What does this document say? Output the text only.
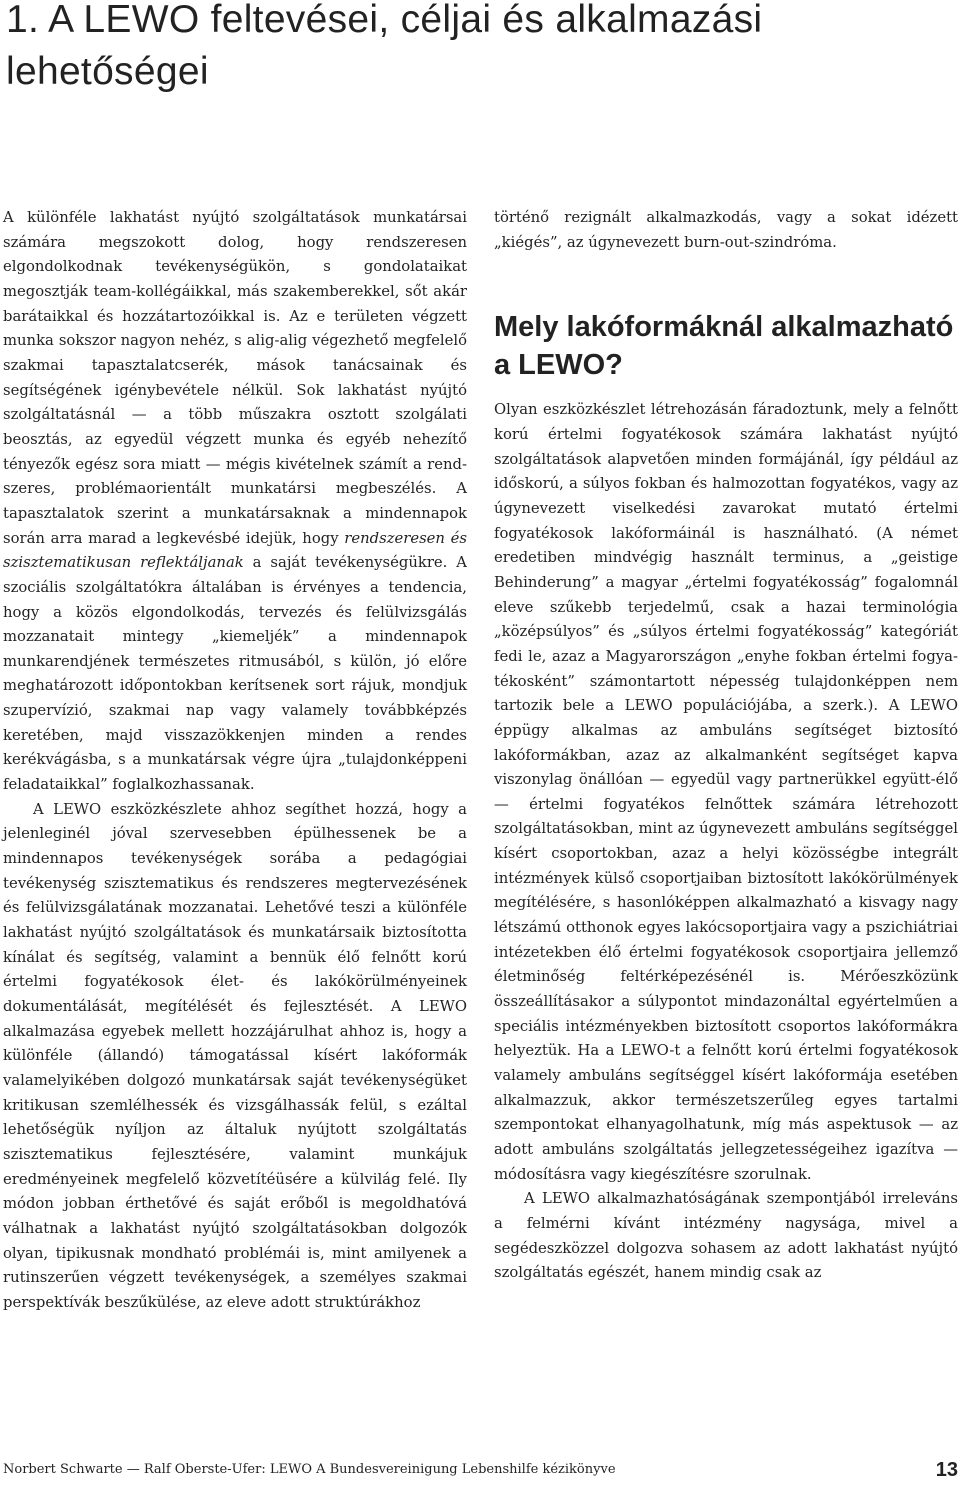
1. A LEWO feltevései, céljai és alkalmazási lehetőségei

A különféle lakhatást nyújtó szolgáltatások munkatársai számára megszokott dolog, hogy rendszeresen elgondolkodnak tevékenységükön, s gondolataikat megosztják team-kollégáikkal, más szakemberekkel, sőt akár barátaikkal és hozzátartozóikkal is. Az e területen végzett munka sokszor nagyon nehéz, s alig-alig végezhető megfelelő szakmai tapasztalatcserék, mások tanácsainak és segítségének igénybevétele nélkül. Sok lakhatást nyújtó szolgáltatásnál — a több műszakra osztott szolgálati beosztás, az egyedül végzett munka és egyéb nehezítő tényezők egész sora miatt — mégis kivételnek számít a rendszeres, problémaorientált munkatársi megbeszélés. A tapasztalatok szerint a munkatársaknak a mindennapok során arra marad a legkevésbé idejük, hogy rendszeresen és szisztematikusan reflektáljanak a saját tevékenységükre. A szociális szolgáltatókra általában is érvényes a tendencia, hogy a közös elgondolkodás, tervezés és felülvizsgálás mozzanatait mintegy „kiemeljék” a mindennapok munkarendjének természetes ritmusából, s külön, jó előre meghatározott időpontokban kerítsenek sort rájuk, mondjuk szupervízió, szakmai nap vagy valamely továbbképzés keretében, majd visszazökkenjen minden a rendes kerékvágásba, s a munkatársak végre újra „tulajdonképpeni feladataikkal” foglalkozhassanak.

A LEWO eszközkészlete ahhoz segíthet hozzá, hogy a jelenleginél jóval szervesebben épülhessenek be a mindennapos tevékenységek sorába a pedagógiai tevékenység szisztematikus és rendszeres megtervezésének és felülvizsgálatának mozzanatai. Lehetővé teszi a különféle lakhatást nyújtó szolgáltatások és munkatársaik biztosította kínálat és segítség, valamint a bennük élő felnőtt korú értelmi fogyatékosok élet- és lakókörülményeinek dokumentálását, megítélését és fejlesztését. A LEWO alkalmazása egyebek mellett hozzájárulhat ahhoz is, hogy a különféle (állandó) támogatással kísért lakóformák valamelyikében dolgozó munkatársak saját tevékenységüket kritikusan szemlélhessék és vizsgálhassák felül, s ezáltal lehetőségük nyíljon az általuk nyújtott szolgáltatás szisztematikus fejlesztésére, valamint munkájuk eredményeinek megfelelő közvetítéüsére a külvilág felé. Ily módon jobban érthetővé és saját erőből is megoldhatóvá válhatnak a lakhatást nyújtó szolgáltatásokban dolgozók olyan, tipikusnak mondható problémái is, mint amilyenek a rutinszerűen végzett tevékenységek, a személyes szakmai perspektívák beszűkülése, az eleve adott struktúrákhoz

történő rezignált alkalmazkodás, vagy a sokat idézett „kiégés”, az úgynevezett burn-out-szindróma.

Mely lakóformáknál alkalmazható a LEWO?

Olyan eszközkészlet létrehozásán fáradoztunk, mely a felnőtt korú értelmi fogyatékosok számára lakhatást nyújtó szolgáltatások alapvetően minden formájánál, így például az időskorú, a súlyos fokban és halmozottan fogyatékos, vagy az úgynevezett viselkedési zavarokat mutató értelmi fogyatékosok lakóformáinál is használható. (A német eredetiben mindvégig használt terminus, a „geistige Behinderung” a magyar „értelmi fogyatékosság” fogalomnál eleve szűkebb terjedelmű, csak a hazai terminológia „középsúlyos” és „súlyos értelmi fogyatékosság” kategóriát fedi le, azaz a Magyarországon „enyhe fokban értelmi fogyatékosként” számontartott népesség tulajdonképpen nem tartozik bele a LEWO populációjába, a szerk.). A LEWO éppügy alkalmas az ambuláns segítséget biztosító lakóformákban, azaz az alkalmanként segítséget kapva viszonylag önállóan — egyedül vagy partnerükkel együtt-élő — értelmi fogyatékos felnőttek számára létrehozott szolgáltatásokban, mint az úgynevezett ambuláns segítséggel kísért csoportokban, azaz a helyi közösségbe integrált intézmények külső csoportjaiban biztosított lakókörülmények megítélésére, s hasonlóképpen alkalmazható a kisvagy nagy létszámú otthonok egyes lakócsoportjaira vagy a pszichiátriai intézetekben élő értelmi fogyatékosok csoportjaira jellemző életminőség feltérképezésénél is. Mérőeszközünk összeállításakor a súlypontot mindazonáltal egyértelműen a speciális intézményekben biztosított csoportos lakóformákra helyeztük. Ha a LEWO-t a felnőtt korú értelmi fogyatékosok valamely ambuláns segítséggel kísért lakóformája esetében alkalmazzuk, akkor természetszerűleg egyes tartalmi szempontokat elhanyagolhatunk, míg más aspektusok — az adott ambuláns szolgáltatás jellegzetességeihez igazítva — módosításra vagy kiegészítésre szorulnak.

A LEWO alkalmazhatóságának szempontjából irreleváns a felmérni kívánt intézmény nagysága, mivel a segédeszközzel dolgozva sohasem az adott lakhatást nyújtó szolgáltatás egészét, hanem mindig csak az

Norbert Schwarte — Ralf Oberste-Ufer: LEWO A Bundesvereinigung Lebenshilfe kézikönyve	13
